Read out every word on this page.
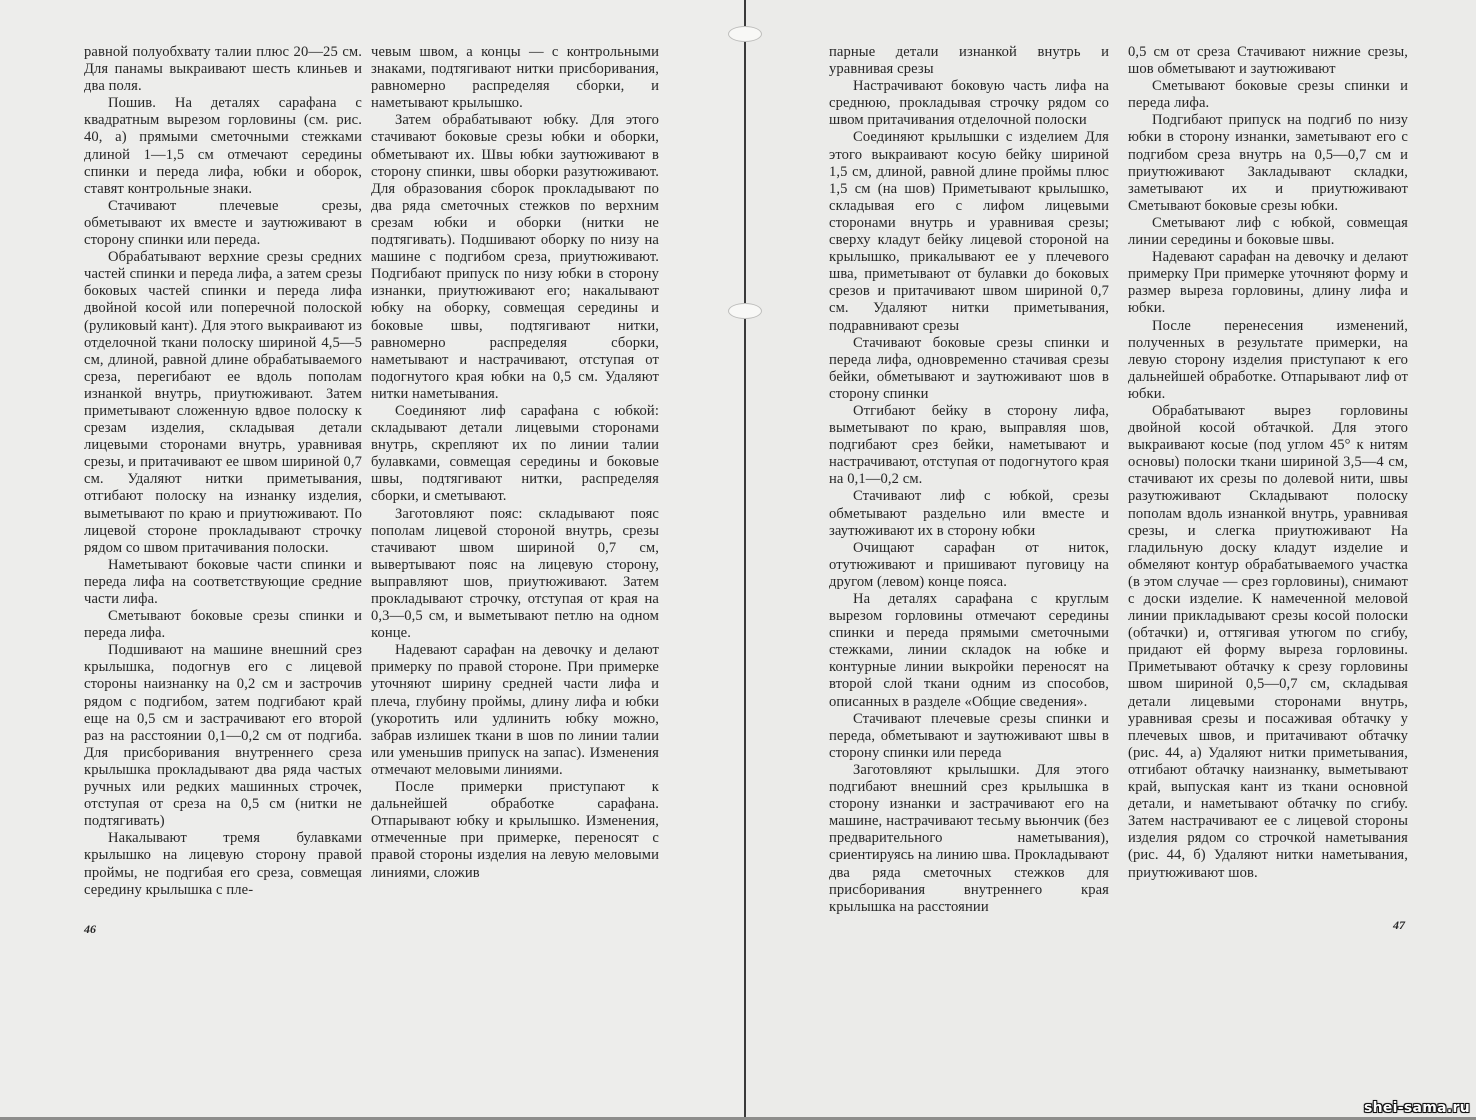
равной полуобхвату талии плюс 20—25 см. Для панамы выкраивают шесть клиньев и два поля.

Пошив. На деталях сарафана с квадратным вырезом горловины (см. рис. 40, а) прямыми сметочными стежками длиной 1—1,5 см отмечают середины спинки и переда лифа, юбки и оборок, ставят контрольные знаки.

Стачивают плечевые срезы, обметывают их вместе и заутюживают в сторону спинки или переда.

Обрабатывают верхние срезы средних частей спинки и переда лифа, а затем срезы боковых частей спинки и переда лифа двойной косой или поперечной полоской (руликовый кант). Для этого выкраивают из отделочной ткани полоску шириной 4,5—5 см, длиной, равной длине обрабатываемого среза, перегибают ее вдоль пополам изнанкой внутрь, приутюживают. Затем приметывают сложенную вдвое полоску к срезам изделия, складывая детали лицевыми сторонами внутрь, уравнивая срезы, и притачивают ее швом шириной 0,7 см. Удаляют нитки приметывания, отгибают полоску на изнанку изделия, выметывают по краю и приутюживают. По лицевой стороне прокладывают строчку рядом со швом притачивания полоски.

Наметывают боковые части спинки и переда лифа на соответствующие средние части лифа.

Сметывают боковые срезы спинки и переда лифа.

Подшивают на машине внешний срез крылышка, подогнув его с лицевой стороны наизнанку на 0,2 см и застрочив рядом с подгибом, затем подгибают край еще на 0,5 см и застрачивают его второй раз на расстоянии 0,1—0,2 см от подгиба. Для присборивания внутреннего среза крылышка прокладывают два ряда частых ручных или редких машинных строчек, отступая от среза на 0,5 см (нитки не подтягивать)

Накалывают тремя булавками крылышко на лицевую сторону правой проймы, не подгибая его среза, совмещая середину крылышка с пле-

чевым швом, а концы — с контрольными знаками, подтягивают нитки присборивания, равномерно распределяя сборки, и наметывают крылышко.

Затем обрабатывают юбку. Для этого стачивают боковые срезы юбки и оборки, обметывают их. Швы юбки заутюживают в сторону спинки, швы оборки разутюживают. Для образования сборок прокладывают по два ряда сметочных стежков по верхним срезам юбки и оборки (нитки не подтягивать). Подшивают оборку по низу на машине с подгибом среза, приутюживают. Подгибают припуск по низу юбки в сторону изнанки, приутюживают его; накалывают юбку на оборку, совмещая середины и боковые швы, подтягивают нитки, равномерно распределяя сборки, наметывают и настрачивают, отступая от подогнутого края юбки на 0,5 см. Удаляют нитки наметывания.

Соединяют лиф сарафана с юбкой: складывают детали лицевыми сторонами внутрь, скрепляют их по линии талии булавками, совмещая середины и боковые швы, подтягивают нитки, распределяя сборки, и сметывают.

Заготовляют пояс: складывают пояс пополам лицевой стороной внутрь, срезы стачивают швом шириной 0,7 см, вывертывают пояс на лицевую сторону, выправляют шов, приутюживают. Затем прокладывают строчку, отступая от края на 0,3—0,5 см, и выметывают петлю на одном конце.

Надевают сарафан на девочку и делают примерку по правой стороне. При примерке уточняют ширину средней части лифа и плеча, глубину проймы, длину лифа и юбки (укоротить или удлинить юбку можно, забрав излишек ткани в шов по линии талии или уменьшив припуск на запас). Изменения отмечают меловыми линиями.

После примерки приступают к дальнейшей обработке сарафана. Отпарывают юбку и крылышко. Изменения, отмеченные при примерке, переносят с правой стороны изделия на левую меловыми линиями, сложив

46

парные детали изнанкой внутрь и уравнивая срезы

Настрачивают боковую часть лифа на среднюю, прокладывая строчку рядом со швом притачивания отделочной полоски

Соединяют крылышки с изделием Для этого выкраивают косую бейку шириной 1,5 см, длиной, равной длине проймы плюс 1,5 см (на шов) Приметывают крылышко, складывая его с лифом лицевыми сторонами внутрь и уравнивая срезы; сверху кладут бейку лицевой стороной на крылышко, прикалывают ее у плечевого шва, приметывают от булавки до боковых срезов и притачивают швом шириной 0,7 см. Удаляют нитки приметывания, подравнивают срезы

Стачивают боковые срезы спинки и переда лифа, одновременно стачивая срезы бейки, обметывают и заутюживают шов в сторону спинки

Отгибают бейку в сторону лифа, выметывают по краю, выправляя шов, подгибают срез бейки, наметывают и настрачивают, отступая от подогнутого края на 0,1—0,2 см.

Стачивают лиф с юбкой, срезы обметывают раздельно или вместе и заутюживают их в сторону юбки

Очищают сарафан от ниток, отутюживают и пришивают пуговицу на другом (левом) конце пояса.

На деталях сарафана с круглым вырезом горловины отмечают середины спинки и переда прямыми сметочными стежками, линии складок на юбке и контурные линии выкройки переносят на второй слой ткани одним из способов, описанных в разделе «Общие сведения».

Стачивают плечевые срезы спинки и переда, обметывают и заутюживают швы в сторону спинки или переда

Заготовляют крылышки. Для этого подгибают внешний срез крылышка в сторону изнанки и застрачивают его на машине, настрачивают тесьму вьюнчик (без предварительного наметывания), сриентируясь на линию шва. Прокладывают два ряда сметочных стежков для присборивания внутреннего края крылышка на расстоянии

0,5 см от среза Стачивают нижние срезы, шов обметывают и заутюживают

Сметывают боковые срезы спинки и переда лифа.

Подгибают припуск на подгиб по низу юбки в сторону изнанки, заметывают его с подгибом среза внутрь на 0,5—0,7 см и приутюживают Закладывают складки, заметывают их и приутюживают Сметывают боковые срезы юбки.

Сметывают лиф с юбкой, совмещая линии середины и боковые швы.

Надевают сарафан на девочку и делают примерку При примерке уточняют форму и размер выреза горловины, длину лифа и юбки.

После перенесения изменений, полученных в результате примерки, на левую сторону изделия приступают к его дальнейшей обработке. Отпарывают лиф от юбки.

Обрабатывают вырез горловины двойной косой обтачкой. Для этого выкраивают косые (под углом 45° к нитям основы) полоски ткани шириной 3,5—4 см, стачивают их срезы по долевой нити, швы разутюживают Складывают полоску пополам вдоль изнанкой внутрь, уравнивая срезы, и слегка приутюживают На гладильную доску кладут изделие и обмеляют контур обрабатываемого участка (в этом случае — срез горловины), снимают с доски изделие. К намеченной меловой линии прикладывают срезы косой полоски (обтачки) и, оттягивая утюгом по сгибу, придают ей форму выреза горловины. Приметывают обтачку к срезу горловины швом шириной 0,5—0,7 см, складывая детали лицевыми сторонами внутрь, уравнивая срезы и посаживая обтачку у плечевых швов, и притачивают обтачку (рис. 44, а) Удаляют нитки приметывания, отгибают обтачку наизнанку, выметывают край, выпуская кант из ткани основной детали, и наметывают обтачку по сгибу. Затем настрачивают ее с лицевой стороны изделия рядом со строчкой наметывания (рис. 44, б) Удаляют нитки наметывания, приутюживают шов.

47
shei-sama.ru
